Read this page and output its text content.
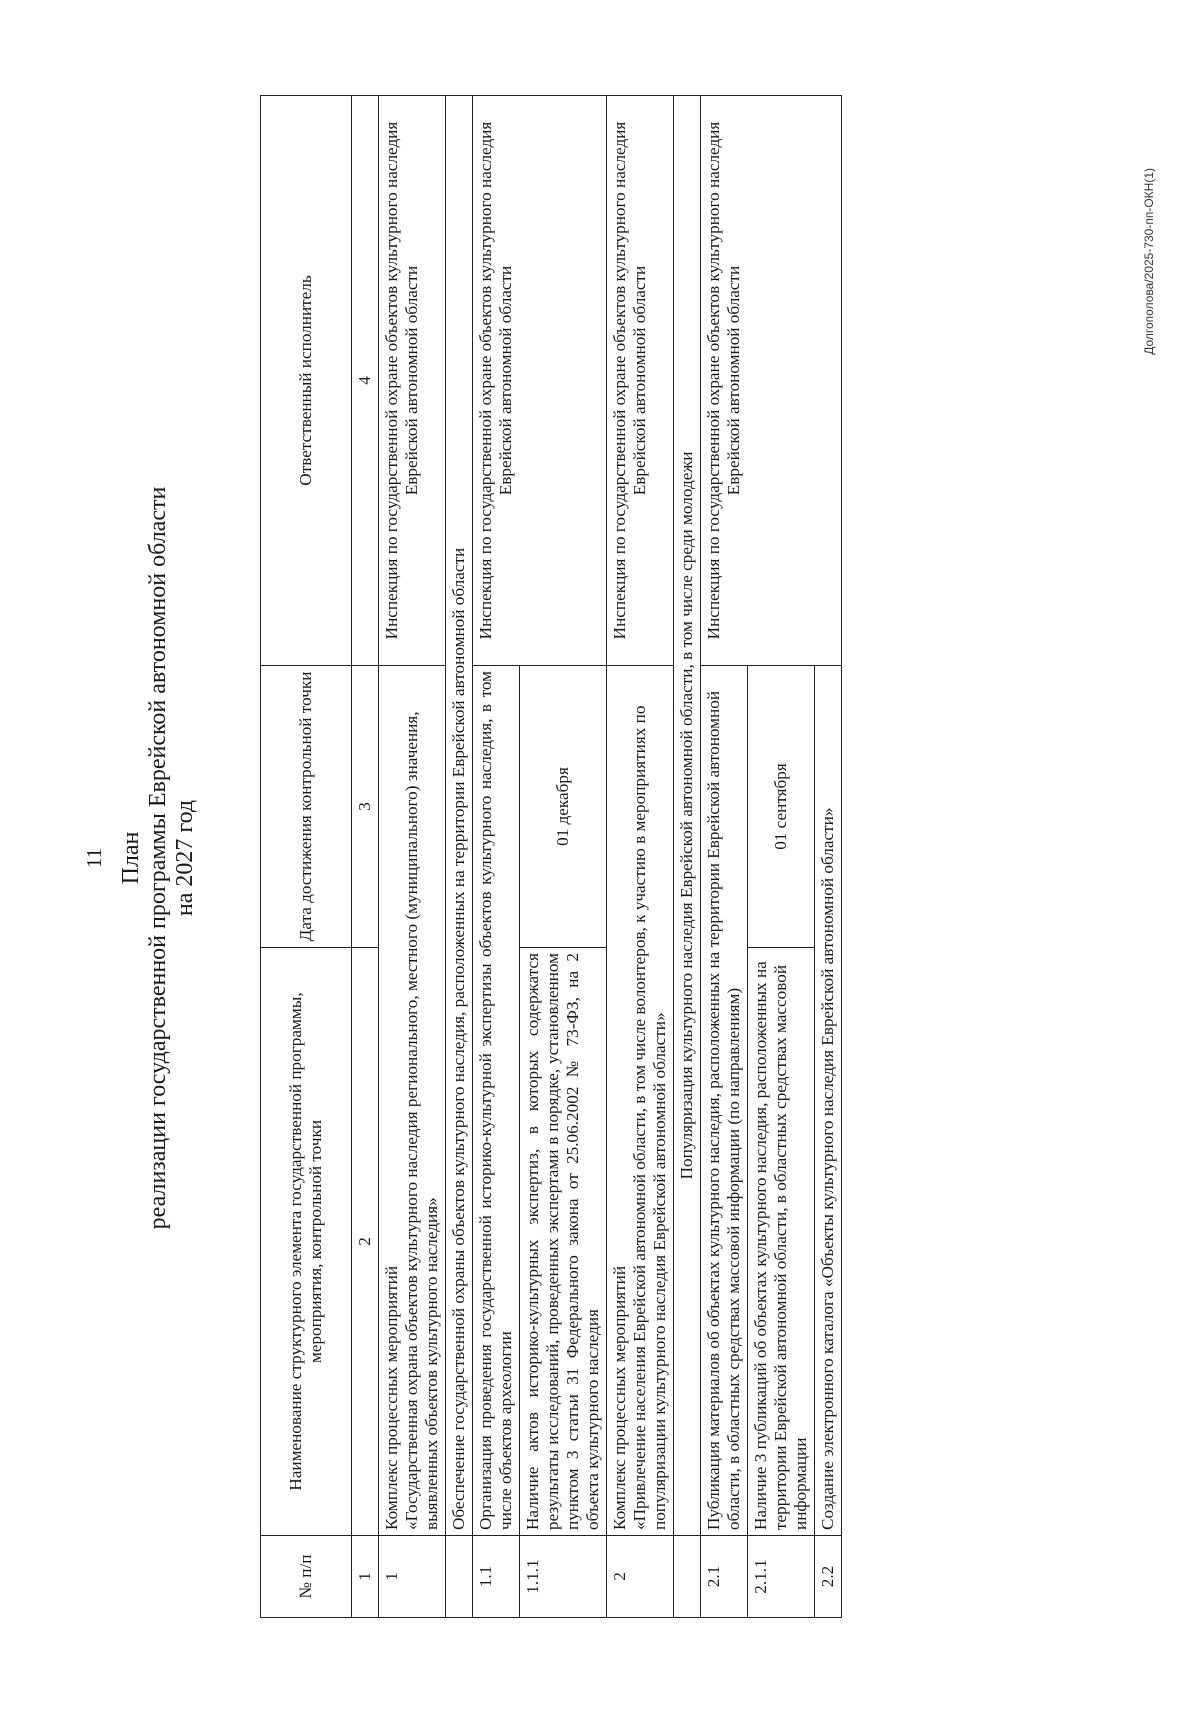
11 План реализации государственной программы Еврейской автономной области на 2027 год
№ п/п	Наименование структурного элемента государственной программы, мероприятия, контрольной точки	Дата достижения контрольной точки	Ответственный исполнитель
1	2	3	4
1	Комплекс процессных мероприятий «Государственная охрана объектов культурного наследия регионального, местного (муниципального) значения, выявленных объектов культурного наследия»		Инспекция по государственной охране объектов культурного наследия Еврейской автономной области
	Обеспечение государственной охраны объектов культурного наследия, расположенных на территории Еврейской автономной области		
1.1	Организация проведения государственной историко-культурной экспертизы объектов культурного наследия, в том числе объектов археологии		Инспекция по государственной охране объектов культурного наследия Еврейской автономной области
1.1.1	Наличие актов историко-культурных экспертиз, в которых содержатся результаты исследований, проведенных экспертами в порядке, установленном пунктом 3 статьи 31 Федерального закона от 25.06.2002 № 73-ФЗ, на 2 объекта культурного наследия	01 декабря	
2	Комплекс процессных мероприятий «Привлечение населения Еврейской автономной области, в том числе волонтеров, к участию в мероприятиях по популяризации культурного наследия Еврейской автономной области»		Инспекция по государственной охране объектов культурного наследия Еврейской автономной области
	Популяризация культурного наследия Еврейской автономной области, в том числе среди молодежи		
2.1	Публикация материалов об объектах культурного наследия, расположенных на территории Еврейской автономной области, в областных средствах массовой информации (по направлениям)		Инспекция по государственной охране объектов культурного наследия Еврейской автономной области
2.1.1	Наличие 3 публикаций об объектах культурного наследия, расположенных на территории Еврейской автономной области, в областных средствах массовой информации	01 сентября	
2.2	Создание электронного каталога «Объекты культурного наследия Еврейской автономной области»		
Долгополова/2025-730-пп-ОКН(1)
